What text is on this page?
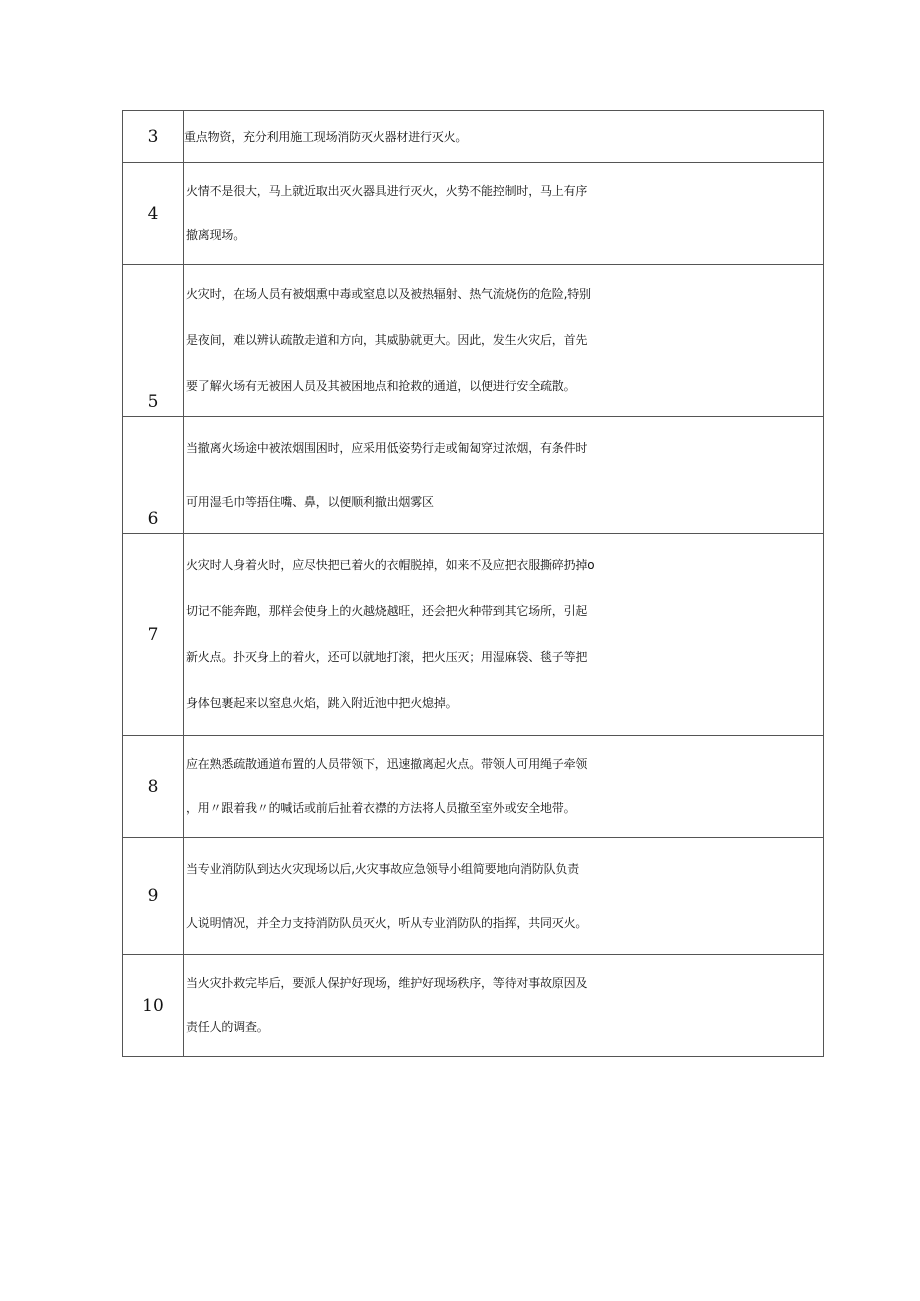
3	重点物资，充分利用施工现场消防灭火器材进行灭火。

4	火情不是很大，马上就近取出灭火器具进行灭火，火势不能控制时，马上有序
撤离现场。

5	火灾时，在场人员有被烟熏中毒或窒息以及被热辐射、热气流烧伤的危险,特别
是夜间，难以辨认疏散走道和方向，其威胁就更大。因此，发生火灾后，首先
要了解火场有无被困人员及其被困地点和抢救的通道，以便进行安全疏散。

6	当撤离火场途中被浓烟围困时，应采用低姿势行走或匍匐穿过浓烟，有条件时
可用湿毛巾等捂住嘴、鼻，以便顺利撤出烟雾区

7	火灾时人身着火时，应尽快把已着火的衣帽脱掉，如来不及应把衣服撕碎扔掉o
切记不能奔跑，那样会使身上的火越烧越旺，还会把火种带到其它场所，引起
新火点。扑灭身上的着火，还可以就地打滚，把火压灭；用湿麻袋、毯子等把
身体包裹起来以窒息火焰，跳入附近池中把火熄掉。

8	应在熟悉疏散通道布置的人员带领下，迅速撤离起火点。带领人可用绳子牵领
，用〃跟着我〃的喊话或前后扯着衣襟的方法将人员撤至室外或安全地带。

9	当专业消防队到达火灾现场以后,火灾事故应急领导小组简要地向消防队负责
人说明情况，并全力支持消防队员灭火，听从专业消防队的指挥，共同灭火。

10	当火灾扑救完毕后，要派人保护好现场，维护好现场秩序，等待对事故原因及
责任人的调查。
